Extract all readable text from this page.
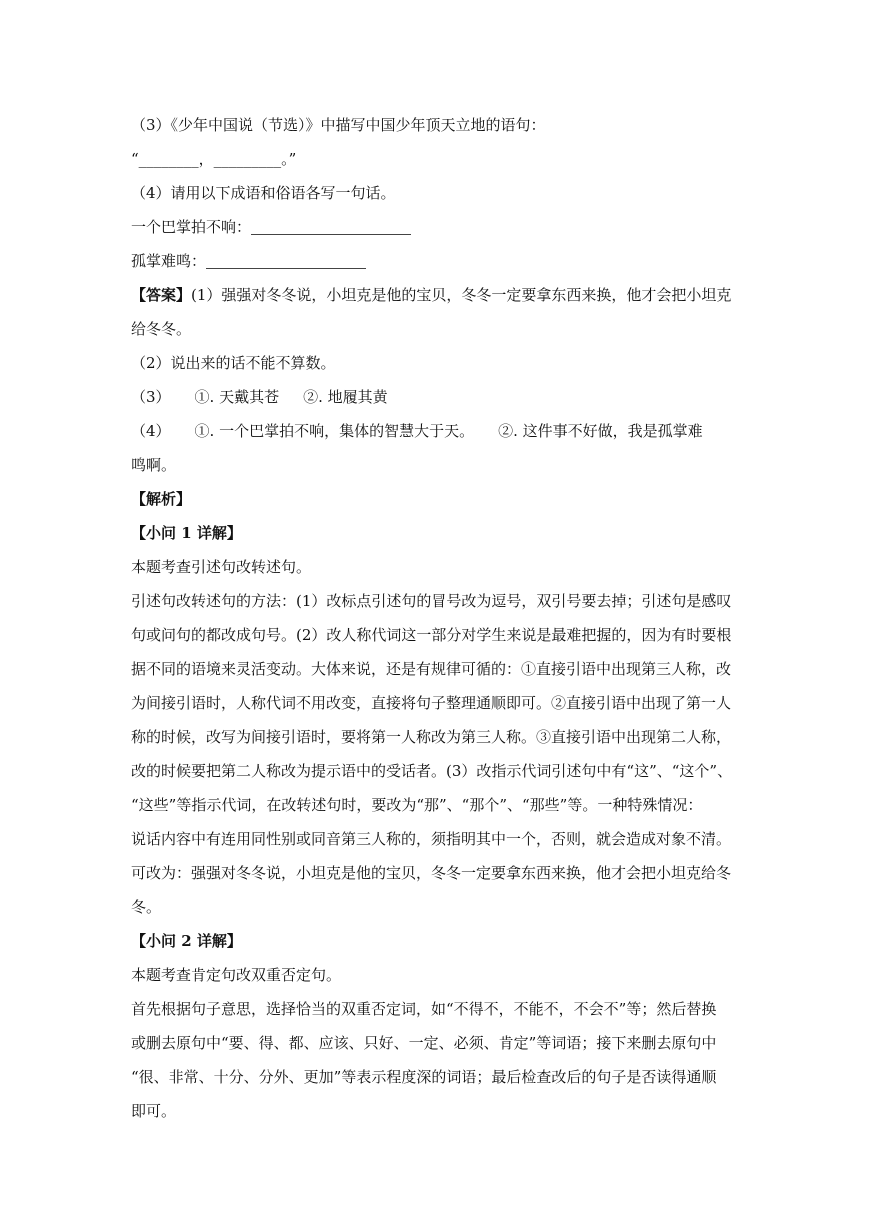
（3）《少年中国说（节选）》中描写中国少年顶天立地的语句：
“________，_________。”
（4）请用以下成语和俗语各写一句话。
一个巴掌拍不响：
孤掌难鸣：
【答案】(1）强强对冬冬说，小坦克是他的宝贝，冬冬一定要拿东西来换，他才会把小坦克
给冬冬。
（2）说出来的话不能不算数。
（3） ①. 天戴其苍 ②. 地履其黄
（4） ①. 一个巴掌拍不响，集体的智慧大于天。 ②. 这件事不好做，我是孤掌难
鸣啊。
【解析】
【小问 1 详解】
本题考查引述句改转述句。
引述句改转述句的方法：(1）改标点引述句的冒号改为逗号，双引号要去掉；引述句是感叹
句或问句的都改成句号。(2）改人称代词这一部分对学生来说是最难把握的，因为有时要根
据不同的语境来灵活变动。大体来说，还是有规律可循的：①直接引语中出现第三人称，改
为间接引语时，人称代词不用改变，直接将句子整理通顺即可。②直接引语中出现了第一人
称的时候，改写为间接引语时，要将第一人称改为第三人称。③直接引语中出现第二人称，
改的时候要把第二人称改为提示语中的受话者。(3）改指示代词引述句中有“这”、“这个”、
“这些”等指示代词，在改转述句时，要改为“那”、“那个”、“那些”等。一种特殊情况：
说话内容中有连用同性别或同音第三人称的，须指明其中一个，否则，就会造成对象不清。
可改为：强强对冬冬说，小坦克是他的宝贝，冬冬一定要拿东西来换，他才会把小坦克给冬
冬。
【小问 2 详解】
本题考查肯定句改双重否定句。
首先根据句子意思，选择恰当的双重否定词，如“不得不，不能不，不会不”等；然后替换
或删去原句中“要、得、都、应该、只好、一定、必须、肯定”等词语；接下来删去原句中
“很、非常、十分、分外、更加”等表示程度深的词语；最后检查改后的句子是否读得通顺
即可。
